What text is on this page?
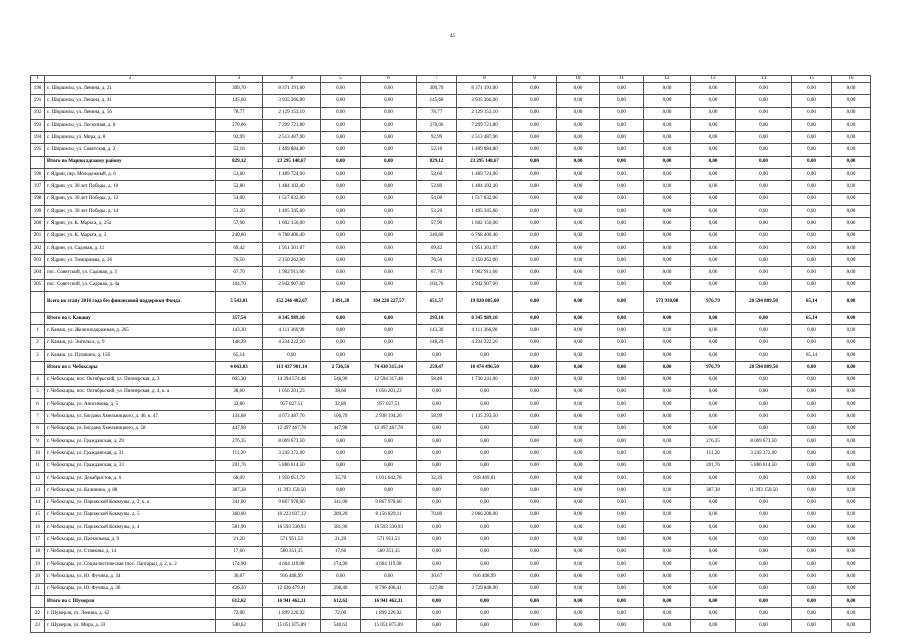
45
1	2	3	4	5	6	7	8	9	10	11	12	13	14	15	16
190	с. Шоршелы, ул. Ленина, д. 21	309,70	8 371 191,00	0,00	0,00	309,70	8 371 191,00	0,00	0,00	0,00	0,00	0,00	0,00	0,00	0,00
191	с. Шоршелы, ул. Ленина, д. 41	145,60	3 935 366,00	0,00	0,00	145,60	3 935 366,00	0,00	0,00	0,00	0,00	0,00	0,00	0,00	0,00
192	с. Шоршелы, ул. Ленина, д. 56	78,77	2 129 153,10	0,00	0,00	78,77	2 129 153,10	0,00	0,00	0,00	0,00	0,00	0,00	0,00	0,00
193	с. Шоршелы, ул. Лесхозная, д. 8	270,06	7 299 721,80	0,00	0,00	270,06	7 299 721,80	0,00	0,00	0,00	0,00	0,00	0,00	0,00	0,00
194	с. Шоршелы, ул. Мира, д. 8	92,99	2 513 487,90	0,00	0,00	92,99	2 513 487,90	0,00	0,00	0,00	0,00	0,00	0,00	0,00	0,00
195	с. Шоршелы, ул. Советская, д. 2	52,16	1 409 884,80	0,00	0,00	52,16	1 409 884,80	0,00	0,00	0,00	0,00	0,00	0,00	0,00	0,00
	Итого по Марпосадскому району	829,12	23 295 148,67	0,00	0,00	829,12	23 295 148,67	0,00	0,00	0,00	0,00	0,00	0,00	0,00	0,00
196	г. Ядрин, пер. Молодежный, д. 6	53,60	1 489 724,00	0,00	0,00	53,60	1 489 724,00	0,00	0,00	0,00	0,00	0,00	0,00	0,00	0,00
197	г. Ядрин, ул. 30 лет Победы, д. 10	52,80	1 484 102,40	0,00	0,00	52,80	1 484 102,40	0,00	0,00	0,00	0,00	0,00	0,00	0,00	0,00
198	г. Ядрин, ул. 30 лет Победы, д. 12	54,00	1 517 832,00	0,00	0,00	54,00	1 517 832,00	0,00	0,00	0,00	0,00	0,00	0,00	0,00	0,00
199	г. Ядрин, ул. 30 лет Победы, д. 14	53,20	1 495 345,60	0,00	0,00	53,20	1 495 345,60	0,00	0,00	0,00	0,00	0,00	0,00	0,00	0,00
200	г. Ядрин, ул. К. Маркса, д. 25а	57,90	1 602 156,00	0,00	0,00	57,90	1 602 156,00	0,00	0,00	0,00	0,00	0,00	0,00	0,00	0,00
201	г. Ядрин, ул. К. Маркса, д. 3	240,80	6 768 406,40	0,00	0,00	240,80	6 768 406,40	0,00	0,00	0,00	0,00	0,00	0,00	0,00	0,00
202	г. Ядрин, ул. Садовая, д. 11	69,42	1 951 301,07	0,00	0,00	69,42	1 951 301,07	0,00	0,00	0,00	0,00	0,00	0,00	0,00	0,00
203	г. Ядрин, ул. Тимирязева, д. 26	76,50	2 150 262,00	0,00	0,00	76,50	2 150 262,00	0,00	0,00	0,00	0,00	0,00	0,00	0,00	0,00
204	пос. Советский, ул. Садовая, д. 3	67,70	1 902 911,60	0,00	0,00	67,70	1 902 911,60	0,00	0,00	0,00	0,00	0,00	0,00	0,00	0,00
205	пос. Советский, ул. Садовая, д. 4а	104,70	2 942 907,60	0,00	0,00	104,70	2 942 907,60	0,00	0,00	0,00	0,00	0,00	0,00	0,00	0,00
	Всего по этапу 2016 года без финансовой поддержки Фонда	5 543,01	152 246 402,67	3 891,20	104 228 227,57	651,57	19 820 085,60	0,00	0,00	0,00	573 930,00	976,79	28 594 809,50	65,14	0,00
	Итого по г. Канашу	357,54	8 345 989,10	0,00	0,00	293,10	8 345 989,10	0,00	0,00	0,00	0,00	0,00	0,00	65,14	0,00
1	г. Канаш, ул. Железнодорожная, д. 265	143,30	4 111 366,90	0,00	0,00	143,30	4 111 366,90	0,00	0,00	0,00	0,00	0,00	0,00	0,00	0,00
2	г. Канаш, ул. Энгельса, д. 9	148,29	4 234 222,20	0,00	0,00	148,29	4 234 222,20	0,00	0,00	0,00	0,00	0,00	0,00	0,00	0,00
3	г. Канаш, ул. Пушкина, д. 15б	65,14	0,00	0,00	0,00	0,00	0,00	0,00	0,00	0,00	0,00	0,00	0,00	65,14	0,00
	Итого по г. Чебоксары	4 063,03	113 437 901,14	2 726,56	74 430 315,14	259,47	10 474 496,50	0,00	0,00	0,00	0,00	976,79	28 594 809,50	0,00	0,00
4	г. Чебоксары, пос. Октябрьский, ул. Пионерская, д. 3	605,30	14 394 574,48	546,90	12 594 317,48	58,40	1 730 241,00	0,00	0,00	0,00	0,00	0,00	0,00	0,00	0,00
5	г. Чебоксары, пос. Октябрьский, ул. Пионерская, д. 4, к. а	38,60	1 056 201,23	38,60	1 056 201,23	0,00	0,00	0,00	0,00	0,00	0,00	0,00	0,00	0,00	0,00
6	г. Чебоксары, ул. Анисимова, д. 5	32,80	957 027,51	32,80	957 027,51	0,00	0,00	0,00	0,00	0,00	0,00	0,00	0,00	0,00	0,00
7	г. Чебоксары, ул. Богдана Хмельницкого, д. 46, к. 47	134,68	4 073 487,76	106,70	2 938 194,26	58,99	1 135 293,50	0,00	0,00	0,00	0,00	0,00	0,00	0,00	0,00
8	г. Чебоксары, ул. Богдана Хмельницкого, д. 58	447,98	12 497 467,78	447,98	12 497 467,78	0,00	0,00	0,00	0,00	0,00	0,00	0,00	0,00	0,00	0,00
9	г. Чебоксары, ул. Гражданская, д. 29	276,35	8 069 673,50	0,00	0,00	0,00	0,00	0,00	0,00	0,00	0,00	276,35	8 069 673,50	0,00	0,00
10	г. Чебоксары, ул. Гражданская, д. 31	111,20	3 245 372,00	0,00	0,00	0,00	0,00	0,00	0,00	0,00	0,00	111,20	3 245 372,00	0,00	0,00
11	г. Чебоксары, ул. Гражданская, д. 33	201,76	5 886 614,50	0,00	0,00	0,00	0,00	0,00	0,00	0,00	0,00	201,76	5 886 614,50	0,00	0,00
12	г. Чебоксары, ул. Декабристов, д. 6	68,09	1 950 051,79	35,70	1 031 642,78	32,39	918 409,01	0,00	0,00	0,00	0,00	0,00	0,00	0,00	0,00
13	г. Чебоксары, ул. Калинина, д. 88	387,38	11 393 150,50	0,00	0,00	0,00	0,00	0,00	0,00	0,00	0,00	387,38	11 393 150,50	0,00	0,00
14	г. Чебоксары, ул. Парижской Коммуны, д. 2, к. а	341,00	9 867 978,60	341,00	9 867 978,60	0,00	0,00	0,00	0,00	0,00	0,00	0,00	0,00	0,00	0,00
15	г. Чебоксары, ул. Парижской Коммуны, д. 5	360,00	10 223 037,12	289,20	8 156 829,11	70,80	2 066 208,00	0,00	0,00	0,00	0,00	0,00	0,00	0,00	0,00
16	г. Чебоксары, ул. Парижской Коммуны, д. 4	581,90	16 593 330,93	581,90	16 593 330,93	0,00	0,00	0,00	0,00	0,00	0,00	0,00	0,00	0,00	0,00
17	г. Чебоксары, ул. Прокопьева, д. 9	21,20	571 951,53	21,20	571 951,53	0,00	0,00	0,00	0,00	0,00	0,00	0,00	0,00	0,00	0,00
18	г. Чебоксары, ул. Станкова, д. 14	17,66	560 351,35	17,66	560 351,35	0,00	0,00	0,00	0,00	0,00	0,00	0,00	0,00	0,00	0,00
19	г. Чебоксары, ул. Социалистическая (пос. Лапсары), д. 2, к. 2	174,90	4 604 119,08	174,90	4 604 119,08	0,00	0,00	0,00	0,00	0,00	0,00	0,00	0,00	0,00	0,00
20	г. Чебоксары, ул. Ю. Фучика, д. 34	30,67	916 408,99	0,00	0,00	30,67	916 408,99	0,00	0,00	0,00	0,00	0,00	0,00	0,00	0,00
21	г. Чебоксары, ул. Ю. Фучика, д. 36	426,20	12 436 479,41	298,40	8 796 406,41	127,80	3 729 848,00	0,00	0,00	0,00	0,00	0,00	0,00	0,00	0,00
	Итого по г. Шумерля	612,62	16 941 462,31	612,62	16 941 462,31	0,00	0,00	0,00	0,00	0,00	0,00	0,00	0,00	0,00	0,00
22	г. Шумерля, ул. Ленина, д. 42	72,00	1 899 226,92	72,00	1 899 226,92	0,00	0,00	0,00	0,00	0,00	0,00	0,00	0,00	0,00	0,00
23	г. Шумерля, ул. Мира, д. 33	540,62	15 051 875,89	540,62	15 051 875,89	0,00	0,00	0,00	0,00	0,00	0,00	0,00	0,00	0,00	0,00
